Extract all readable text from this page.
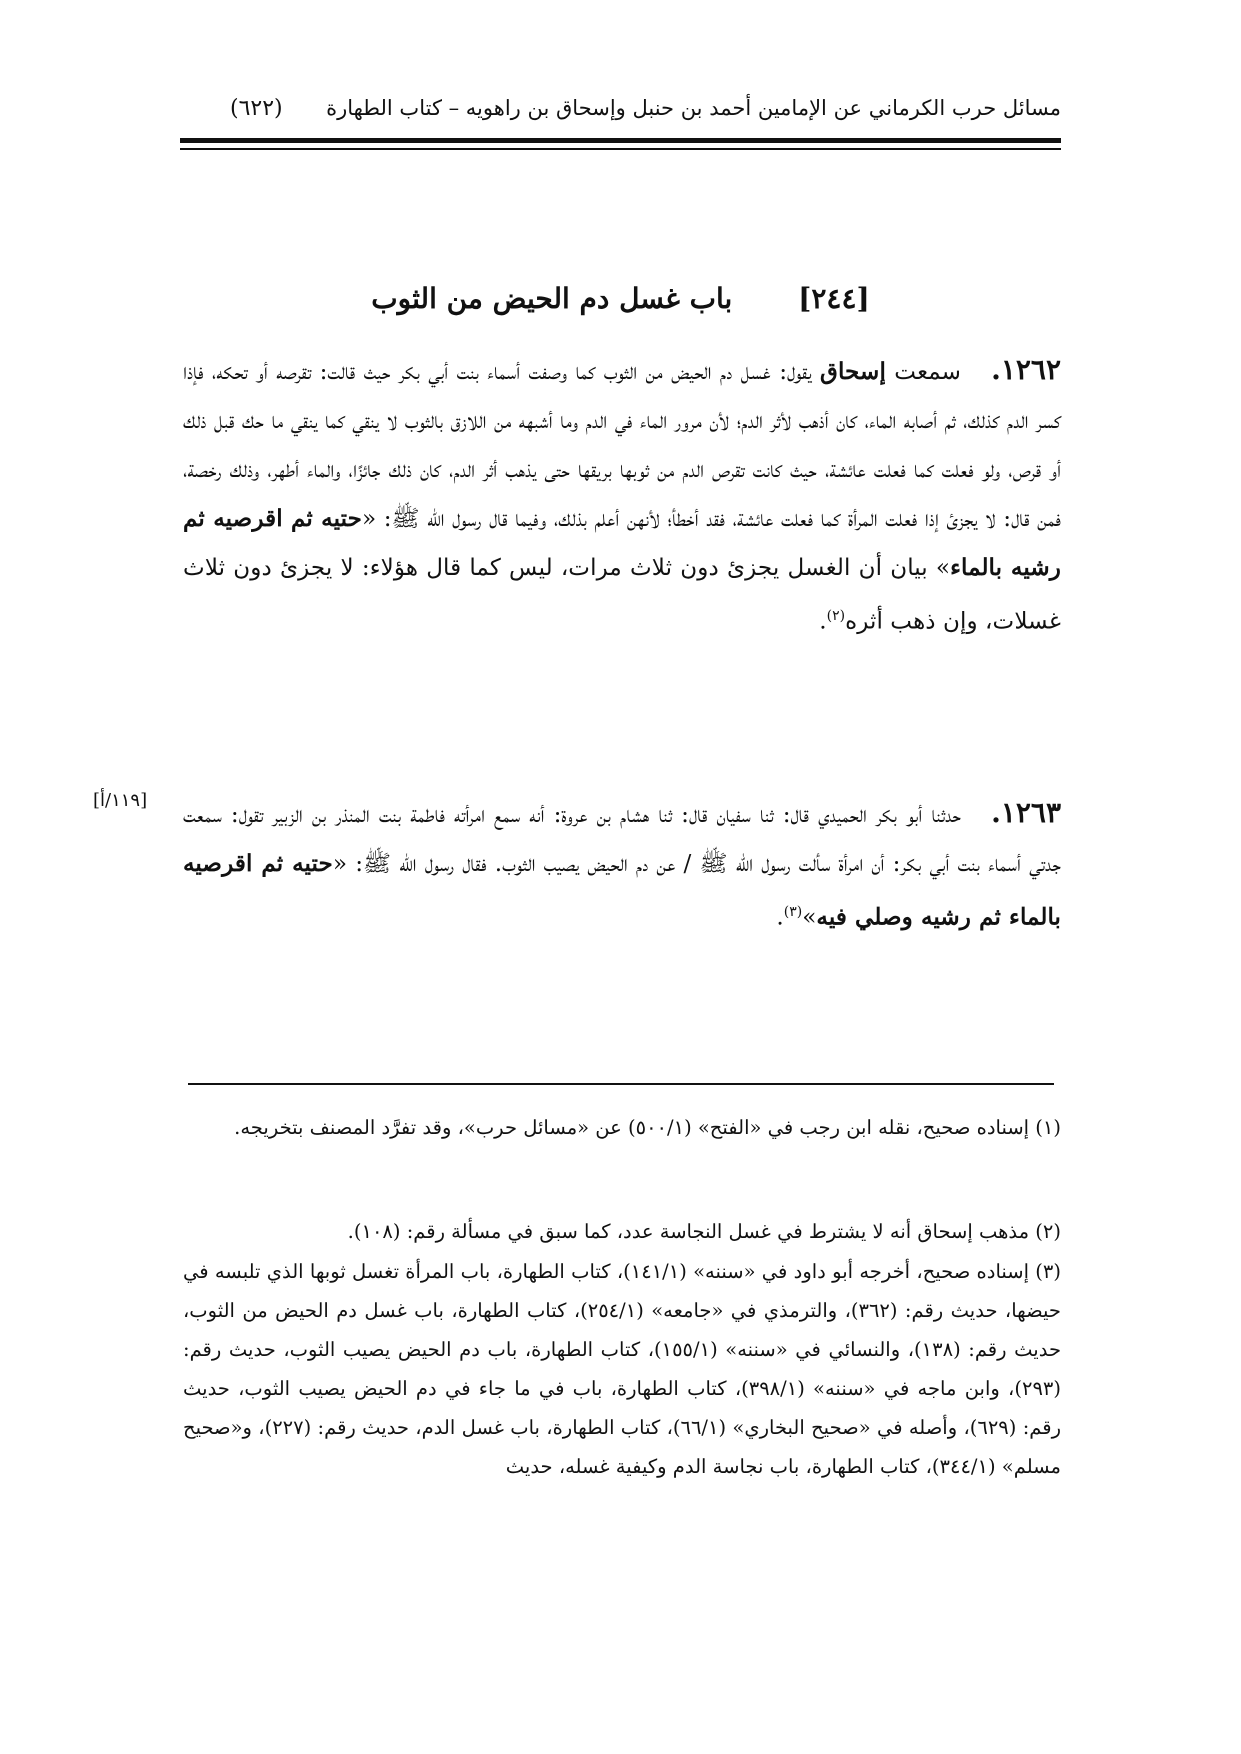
مسائل حرب الكرماني عن الإمامين أحمد بن حنبل وإسحاق بن راهويه – كتاب الطهارة
(٦٢٢)
[٢٤٤] باب غسل دم الحيض من الثوب
١٢٦٢.سمعت إسحاق يقول: غسل دم الحيض من الثوب كما وصفت أسماء بنت أبي بكر حيث قالت: تقرصه أو تحكه، فإذا كسر الدم كذلك، ثم أصابه الماء، كان أذهب لأثر الدم؛ لأن مرور الماء في الدم وما أشبهه من اللازق بالثوب لا ينقي كما ينقي ما حك قبل ذلك أو قرص، ولو فعلت كما فعلت عائشة، حيث كانت تقرص الدم من ثوبها بريقها حتى يذهب أثر الدم، كان ذلك جائزًا، والماء أطهر، وذلك رخصة، فمن قال: لا يجزئ إذا فعلت المرأة كما فعلت عائشة، فقد أخطأ؛ لأنهن أعلم بذلك، وفيما قال رسول الله ﷺ: «حتيه ثم اقرصيه ثم رشيه بالماء» بيان أن الغسل يجزئ دون ثلاث مرات، ليس كما قال هؤلاء: لا يجزئ دون ثلاث غسلات، وإن ذهب أثره$^{(٢)}$.
[١١٩/أ]	١٢٦٣.حدثنا أبو بكر الحميدي قال: ثنا سفيان قال: ثنا هشام بن عروة: أنه سمع امرأته فاطمة بنت المنذر بن الزبير تقول: سمعت جدتي أسماء بنت أبي بكر: أن امرأة سألت رسول الله ﷺ / عن دم الحيض يصيب الثوب. فقال رسول الله ﷺ: «حتيه ثم اقرصيه بالماء ثم رشيه وصلي فيه»$^{(٣)}$.
(١) إسناده صحيح، نقله ابن رجب في «الفتح» (٥٠٠/١) عن «مسائل حرب»، وقد تفرَّد المصنف بتخريجه.
(٢) مذهب إسحاق أنه لا يشترط في غسل النجاسة عدد، كما سبق في مسألة رقم: (١٠٨).
(٣) إسناده صحيح، أخرجه أبو داود في «سننه» (١٤١/١)، كتاب الطهارة، باب المرأة تغسل ثوبها الذي تلبسه في حيضها، حديث رقم: (٣٦٢)، والترمذي في «جامعه» (٢٥٤/١)، كتاب الطهارة، باب غسل دم الحيض من الثوب، حديث رقم: (١٣٨)، والنسائي في «سننه» (١٥٥/١)، كتاب الطهارة، باب دم الحيض يصيب الثوب، حديث رقم: (٢٩٣)، وابن ماجه في «سننه» (٣٩٨/١)، كتاب الطهارة، باب في ما جاء في دم الحيض يصيب الثوب، حديث رقم: (٦٢٩)، وأصله في «صحيح البخاري» (٦٦/١)، كتاب الطهارة، باب غسل الدم، حديث رقم: (٢٢٧)، و«صحيح مسلم» (٣٤٤/١)، كتاب الطهارة، باب نجاسة الدم وكيفية غسله، حديث
